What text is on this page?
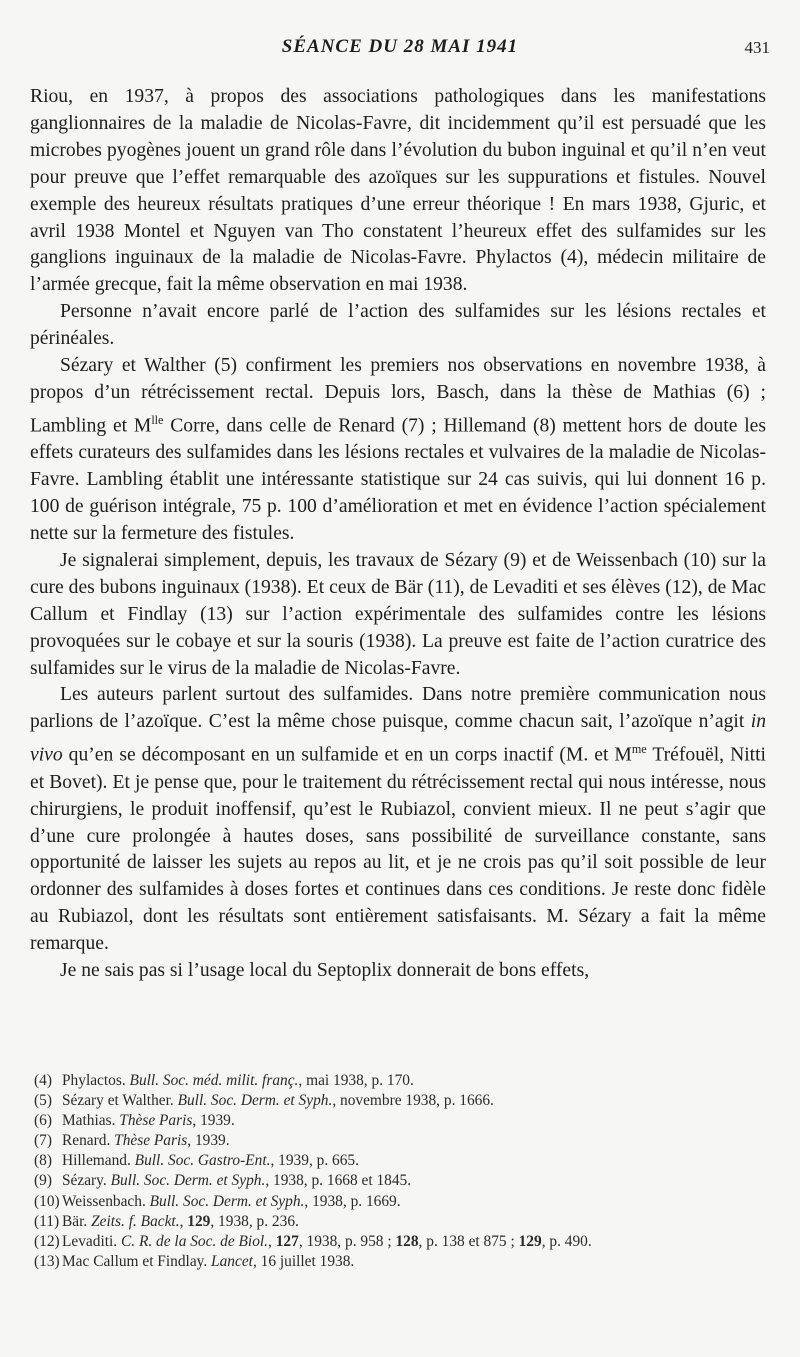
SÉANCE DU 28 MAI 1941	431

Riou, en 1937, à propos des associations pathologiques dans les manifestations ganglionnaires de la maladie de Nicolas-Favre, dit incidemment qu’il est persuadé que les microbes pyogènes jouent un grand rôle dans l’évolution du bubon inguinal et qu’il n’en veut pour preuve que l’effet remarquable des azoïques sur les suppurations et fistules. Nouvel exemple des heureux résultats pratiques d’une erreur théorique ! En mars 1938, Gjuric, et avril 1938 Montel et Nguyen van Tho constatent l’heureux effet des sulfamides sur les ganglions inguinaux de la maladie de Nicolas-Favre. Phylactos (4), médecin militaire de l’armée grecque, fait la même observation en mai 1938.

Personne n’avait encore parlé de l’action des sulfamides sur les lésions rectales et périnéales.

Sézary et Walther (5) confirment les premiers nos observations en novembre 1938, à propos d’un rétrécissement rectal. Depuis lors, Basch, dans la thèse de Mathias (6) ; Lambling et $M^{lle}$ Corre, dans celle de Renard (7) ; Hillemand (8) mettent hors de doute les effets curateurs des sulfamides dans les lésions rectales et vulvaires de la maladie de Nicolas-Favre. Lambling établit une intéressante statistique sur 24 cas suivis, qui lui donnent 16 p. 100 de guérison intégrale, 75 p. 100 d’amélioration et met en évidence l’action spécialement nette sur la fermeture des fistules.

Je signalerai simplement, depuis, les travaux de Sézary (9) et de Weissenbach (10) sur la cure des bubons inguinaux (1938). Et ceux de Bär (11), de Levaditi et ses élèves (12), de Mac Callum et Findlay (13) sur l’action expérimentale des sulfamides contre les lésions provoquées sur le cobaye et sur la souris (1938). La preuve est faite de l’action curatrice des sulfamides sur le virus de la maladie de Nicolas-Favre.

Les auteurs parlent surtout des sulfamides. Dans notre première communication nous parlions de l’azoïque. C’est la même chose puisque, comme chacun sait, l’azoïque n’agit in vivo qu’en se décomposant en un sulfamide et en un corps inactif (M. et $M^{me}$ Tréfouël, Nitti et Bovet). Et je pense que, pour le traitement du rétrécissement rectal qui nous intéresse, nous chirurgiens, le produit inoffensif, qu’est le Rubiazol, convient mieux. Il ne peut s’agir que d’une cure prolongée à hautes doses, sans possibilité de surveillance constante, sans opportunité de laisser les sujets au repos au lit, et je ne crois pas qu’il soit possible de leur ordonner des sulfamides à doses fortes et continues dans ces conditions. Je reste donc fidèle au Rubiazol, dont les résultats sont entièrement satisfaisants. M. Sézary a fait la même remarque.

Je ne sais pas si l’usage local du Septoplix donnerait de bons effets,

(4) Phylactos. Bull. Soc. méd. milit. franç., mai 1938, p. 170.

(5) Sézary et Walther. Bull. Soc. Derm. et Syph., novembre 1938, p. 1666.

(6) Mathias. Thèse Paris, 1939.

(7) Renard. Thèse Paris, 1939.

(8) Hillemand. Bull. Soc. Gastro-Ent., 1939, p. 665.

(9) Sézary. Bull. Soc. Derm. et Syph., 1938, p. 1668 et 1845.

(10) Weissenbach. Bull. Soc. Derm. et Syph., 1938, p. 1669.

(11) Bär. Zeits. f. Backt., 129, 1938, p. 236.

(12) Levaditi. C. R. de la Soc. de Biol., 127, 1938, p. 958 ; 128, p. 138 et 875 ; 129, p. 490.

(13) Mac Callum et Findlay. Lancet, 16 juillet 1938.
